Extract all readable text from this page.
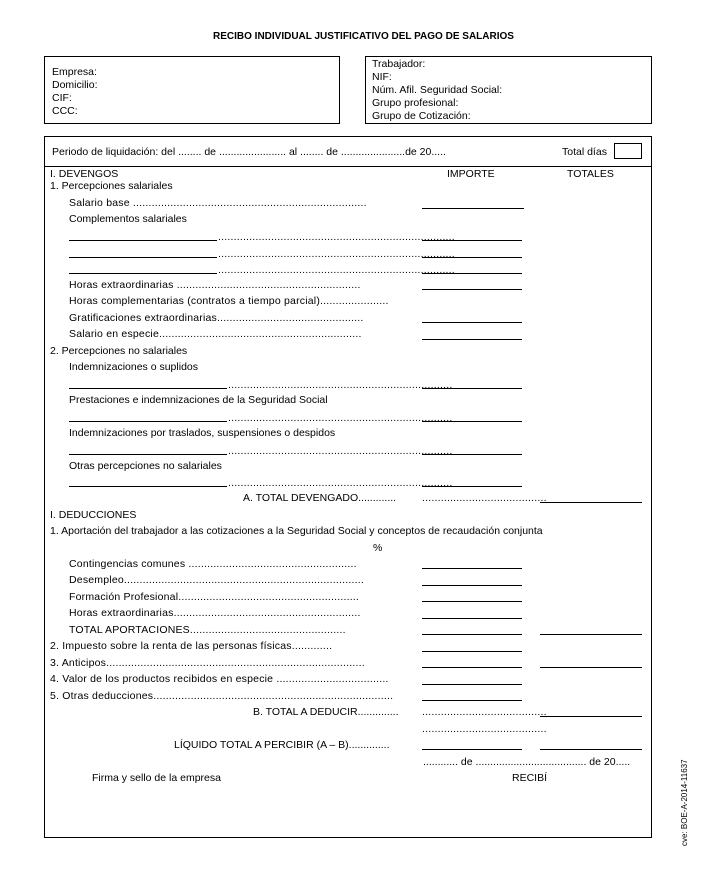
RECIBO INDIVIDUAL JUSTIFICATIVO DEL PAGO DE SALARIOS
Empresa:
Domicilio:
CIF:
CCC:
Trabajador:
NIF:
Núm. Afil. Seguridad Social:
Grupo profesional:
Grupo de Cotización:
Periodo de liquidación: del ........ de ....................... al ........ de ......................de 20.....	Total días
IMPORTE	TOTALES
I. DEVENGOS
1. Percepciones salariales
Salario base ...........................................................................
Complementos salariales
............................................................................
............................................................................
............................................................................
Horas extraordinarias ...........................................................
Horas complementarias (contratos a tiempo parcial)......................
Gratificaciones extraordinarias...............................................
Salario en especie.................................................................
2. Percepciones no salariales
Indemnizaciones o suplidos
........................................................................
Prestaciones e indemnizaciones de la Seguridad Social
........................................................................
Indemnizaciones por traslados, suspensiones o despidos
........................................................................
Otras percepciones no salariales
........................................................................
A. TOTAL DEVENGADO............. ........................................
I. DEDUCCIONES
1. Aportación del trabajador a las cotizaciones a la Seguridad Social y conceptos de recaudación conjunta
%
Contingencias comunes ......................................................
Desempleo.............................................................................
Formación Profesional..........................................................
Horas extraordinarias............................................................
TOTAL APORTACIONES..................................................
2. Impuesto sobre la renta de las personas físicas.............
3. Anticipos...................................................................................
4. Valor de los productos recibidos en especie ....................................
5. Otras deducciones.............................................................................
B. TOTAL A DEDUCIR.............. ........................................
........................................
LÍQUIDO TOTAL A PERCIBIR (A – B)..............
............ de ...................................... de 20.....
Firma y sello de la empresa	RECIBÍ	cve: BOE-A-2014-11637
